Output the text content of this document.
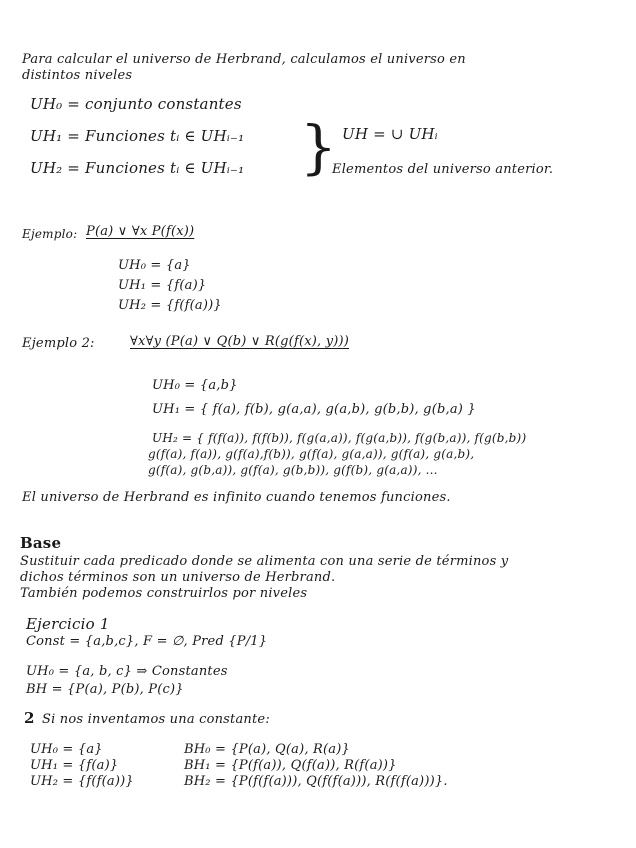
Para calcular el universo de Herbrand, calculamos el universo en
distintos niveles
UH₀ = conjunto constantes
UH₁ = Funciones tᵢ ∈ UHᵢ₋₁
UH₂ = Funciones tᵢ ∈ UHᵢ₋₁ } UH = ∪ UHᵢ
Elementos del universo anterior.
Ejemplo: P(a) ∨ ∀x P(f(x))
UH₀ = {a}
UH₁ = {f(a)}
UH₂ = {f(f(a))}
Ejemplo 2:	∀x∀y (P(a) ∨ Q(b) ∨ R(g(f(x), y)))
UH₀ = {a,b}
UH₁ = { f(a), f(b), g(a,a), g(a,b), g(b,b), g(b,a) }
UH₂ = { f(f(a)), f(f(b)), f(g(a,a)), f(g(a,b)), f(g(b,a)), f(g(b,b))
g(f(a), f(a)), g(f(a),f(b)), g(f(a), g(a,a)), g(f(a), g(a,b),
g(f(a), g(b,a)), g(f(a), g(b,b)), g(f(b), g(a,a)), ...
El universo de Herbrand es infinito cuando tenemos funciones.
Base
Sustituir cada predicado donde se alimenta con una serie de términos y
dichos términos son un universo de Herbrand.
También podemos construirlos por niveles
Ejercicio 1
Const = {a,b,c}, F = ∅, Pred {P/1}
UH₀ = {a, b, c} ⇒ Constantes
BH = {P(a), P(b), P(c)}
2 Si nos inventamos una constante:
UH₀ = {a}
UH₁ = {f(a)}
UH₂ = {f(f(a))}
BH₀ = {P(a), Q(a), R(a)}
BH₁ = {P(f(a)), Q(f(a)), R(f(a))}
BH₂ = {P(f(f(a))), Q(f(f(a))), R(f(f(a)))}.
